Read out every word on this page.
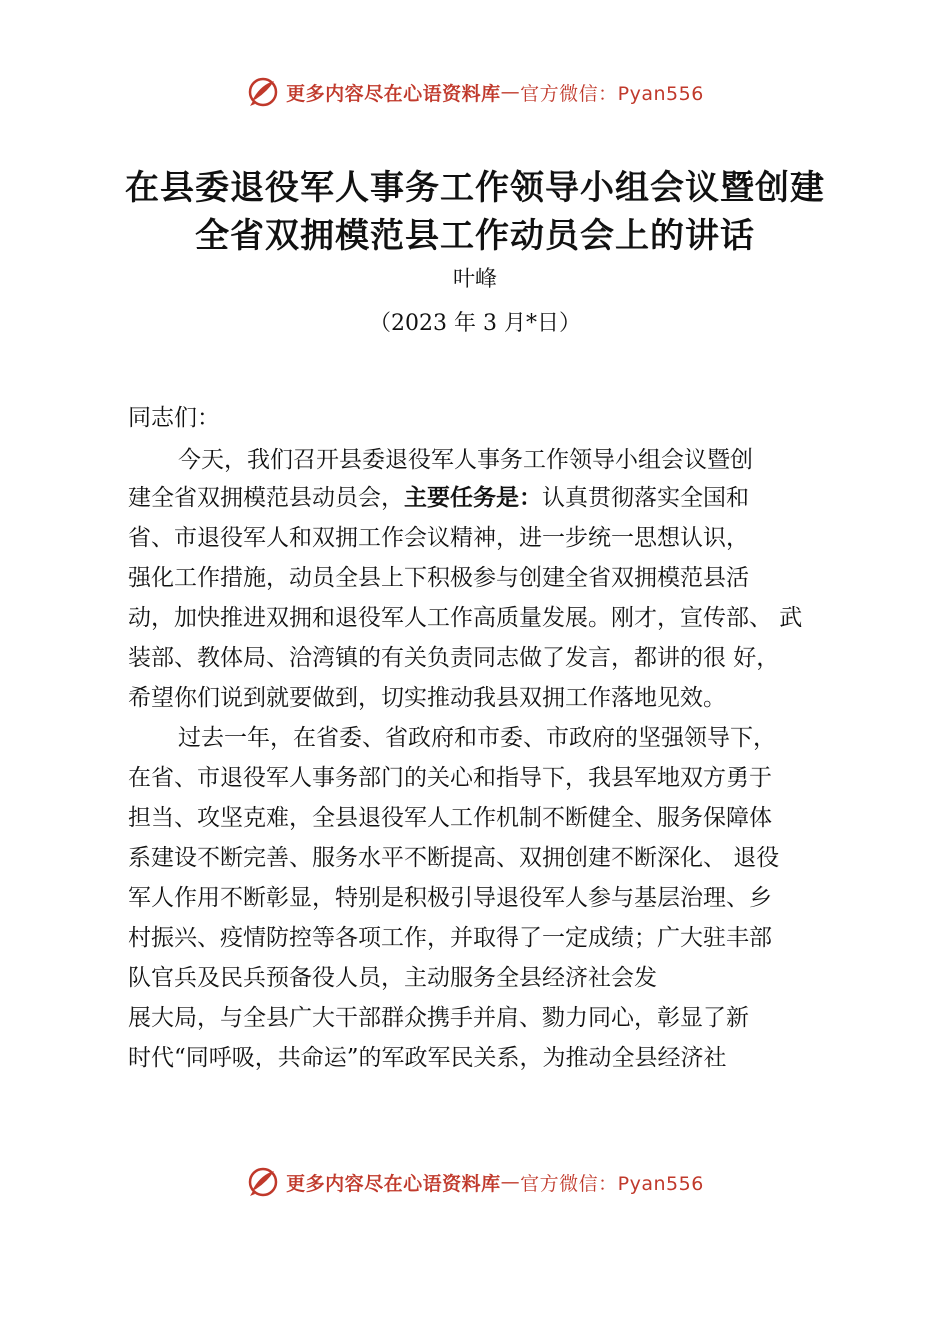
更多内容尽在心语资料库 — 官方微信：Pyan556
在县委退役军人事务工作领导小组会议暨创建
全省双拥模范县工作动员会上的讲话
叶峰
（2023 年 3 月*日）
同志们：
今天，我们召开县委退役军人事务工作领导小组会议暨创
建全省双拥模范县动员会，主要任务是：认真贯彻落实全国和
省、市退役军人和双拥工作会议精神，进一步统一思想认识，
强化工作措施，动员全县上下积极参与创建全省双拥模范县活
动，加快推进双拥和退役军人工作高质量发展。刚才，宣传部、 武
装部、教体局、洽湾镇的有关负责同志做了发言，都讲的很 好，
希望你们说到就要做到，切实推动我县双拥工作落地见效。
过去一年，在省委、省政府和市委、市政府的坚强领导下，
在省、市退役军人事务部门的关心和指导下，我县军地双方勇于
担当、攻坚克难，全县退役军人工作机制不断健全、服务保障体
系建设不断完善、服务水平不断提高、双拥创建不断深化、 退役
军人作用不断彰显，特别是积极引导退役军人参与基层治理、乡
村振兴、疫情防控等各项工作，并取得了一定成绩；广大驻丰部
队官兵及民兵预备役人员，主动服务全县经济社会发
展大局，与全县广大干部群众携手并肩、勠力同心，彰显了新
时代“同呼吸，共命运”的军政军民关系，为推动全县经济社
更多内容尽在心语资料库 — 官方微信：Pyan556
